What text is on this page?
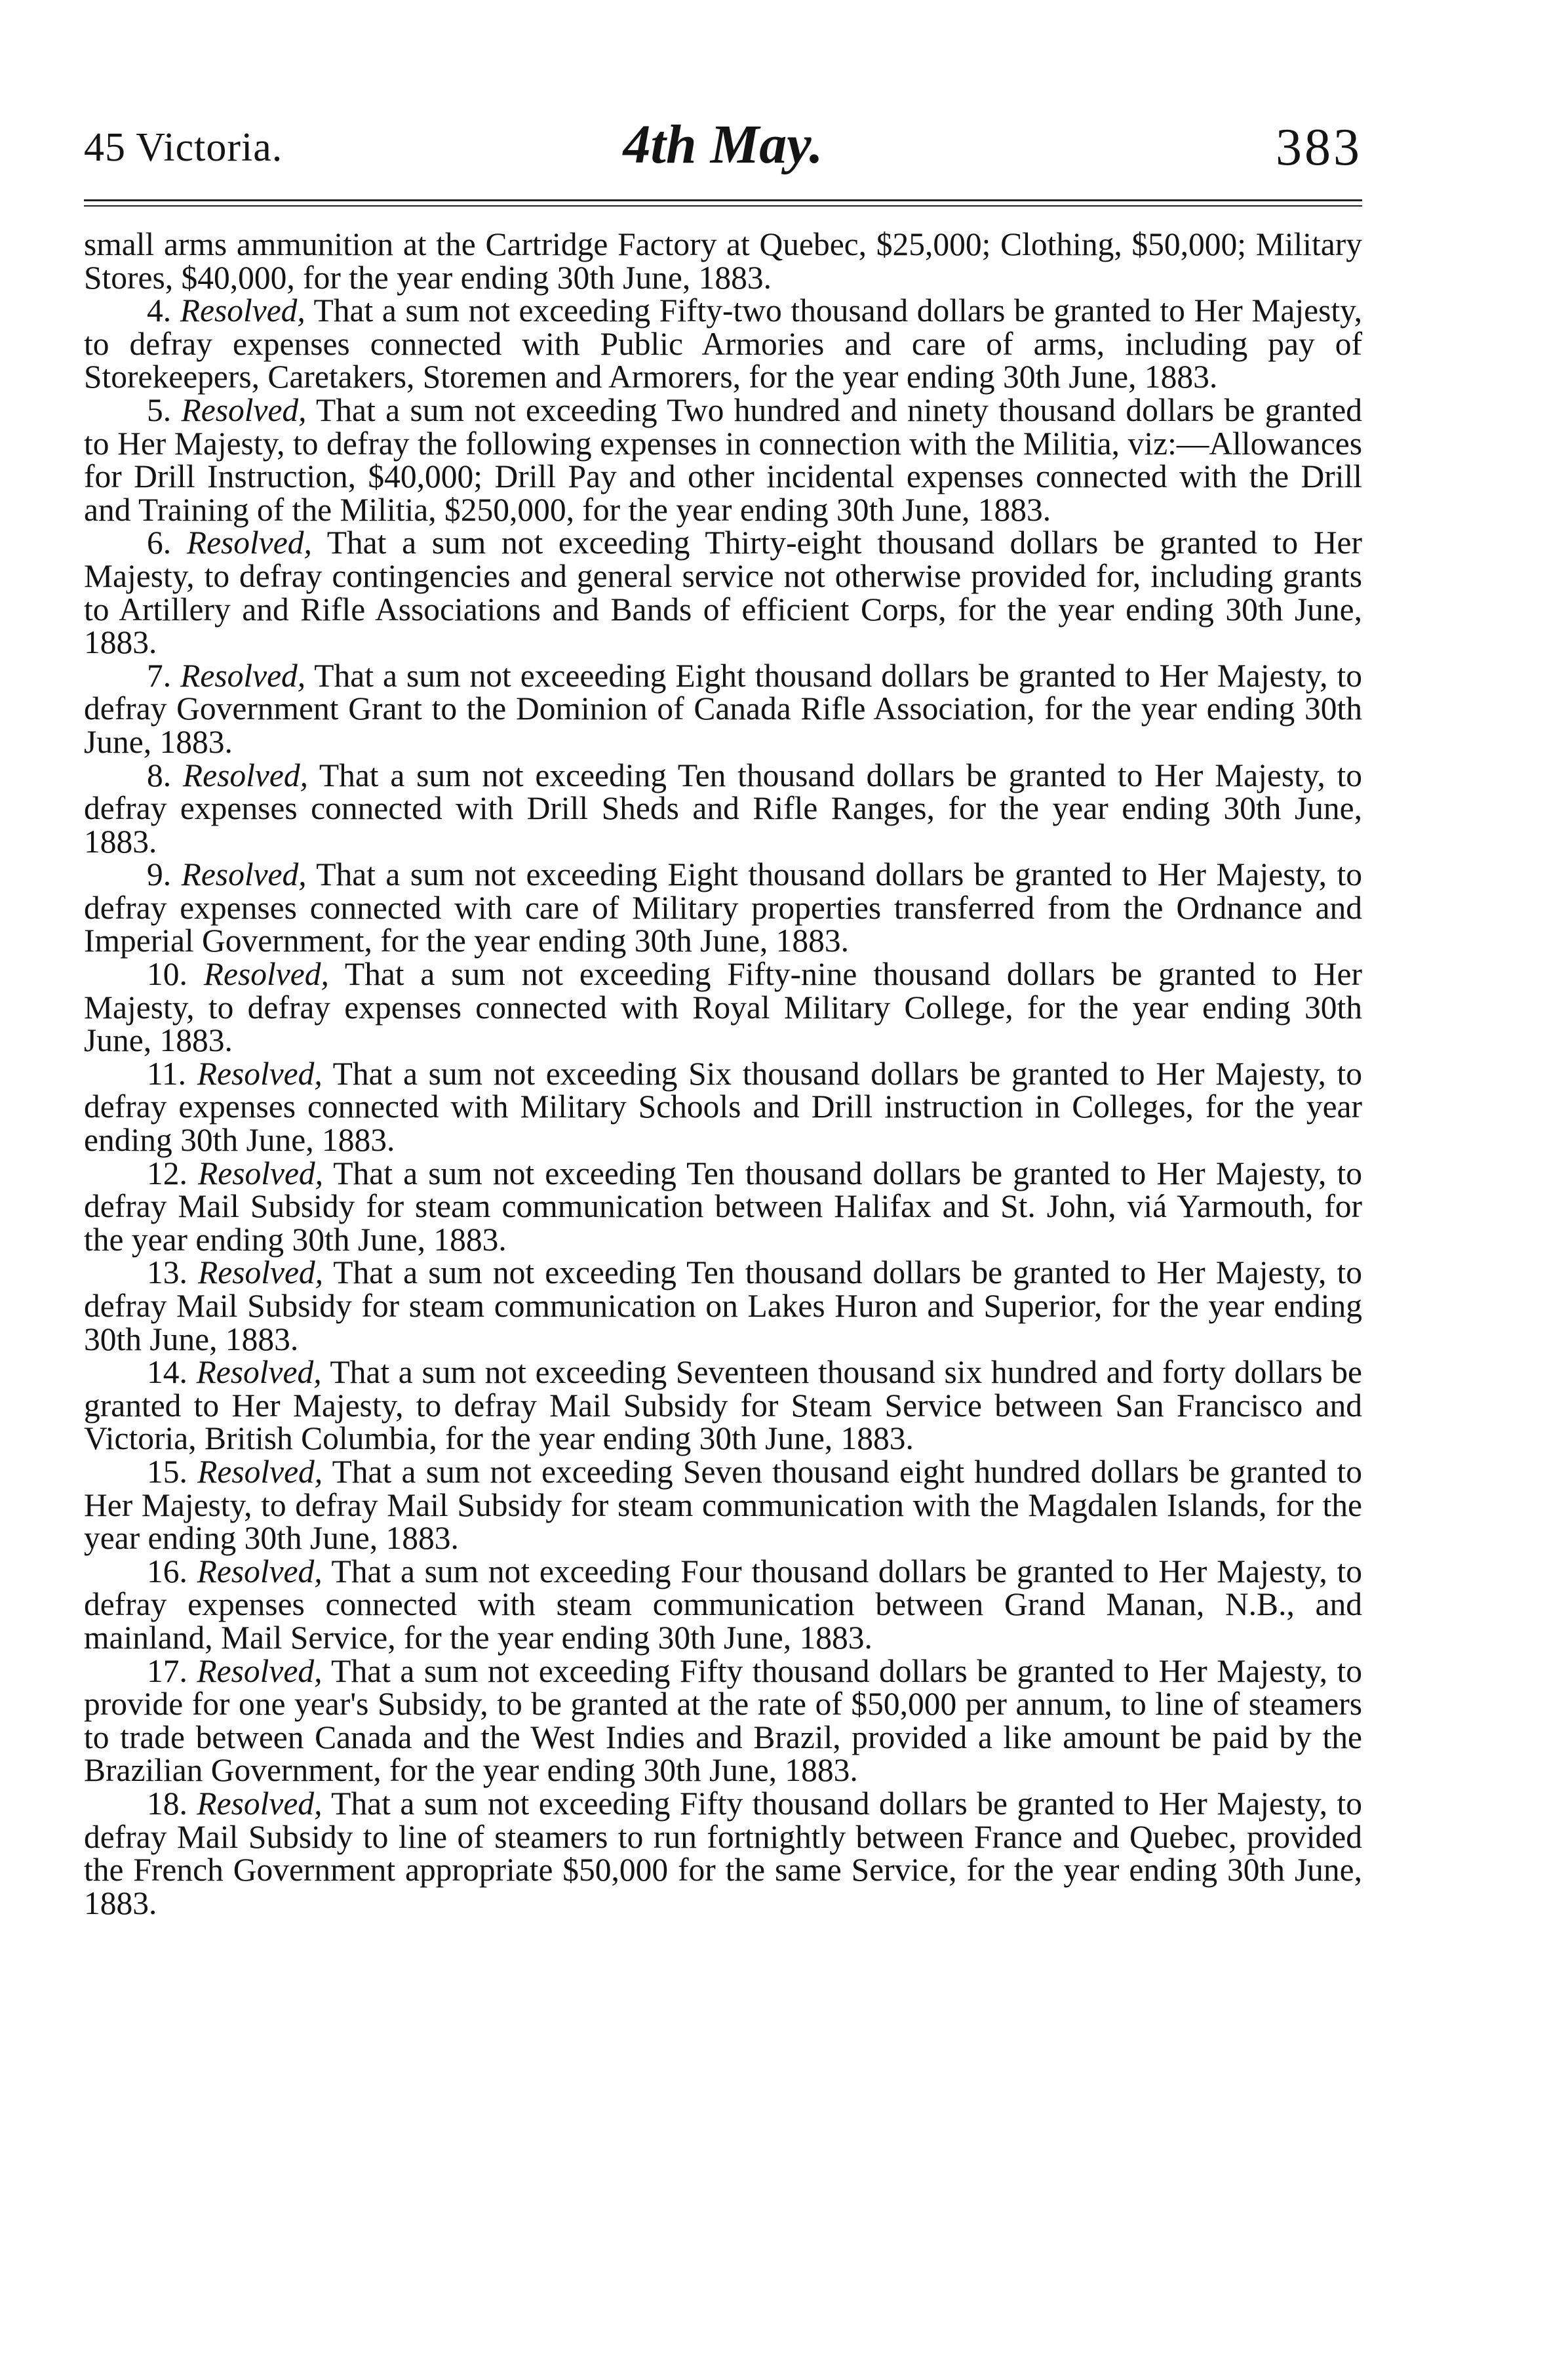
45 Victoria.	4th May.	383

small arms ammunition at the Cartridge Factory at Quebec, $25,000; Clothing, $50,000; Military Stores, $40,000, for the year ending 30th June, 1883.

4. Resolved, That a sum not exceeding Fifty-two thousand dollars be granted to Her Majesty, to defray expenses connected with Public Armories and care of arms, including pay of Storekeepers, Caretakers, Storemen and Armorers, for the year ending 30th June, 1883.

5. Resolved, That a sum not exceeding Two hundred and ninety thousand dollars be granted to Her Majesty, to defray the following expenses in connection with the Militia, viz:—Allowances for Drill Instruction, $40,000; Drill Pay and other incidental expenses connected with the Drill and Training of the Militia, $250,000, for the year ending 30th June, 1883.

6. Resolved, That a sum not exceeding Thirty-eight thousand dollars be granted to Her Majesty, to defray contingencies and general service not otherwise provided for, including grants to Artillery and Rifle Associations and Bands of efficient Corps, for the year ending 30th June, 1883.

7. Resolved, That a sum not exceeeding Eight thousand dollars be granted to Her Majesty, to defray Government Grant to the Dominion of Canada Rifle Association, for the year ending 30th June, 1883.

8. Resolved, That a sum not exceeding Ten thousand dollars be granted to Her Majesty, to defray expenses connected with Drill Sheds and Rifle Ranges, for the year ending 30th June, 1883.

9. Resolved, That a sum not exceeding Eight thousand dollars be granted to Her Majesty, to defray expenses connected with care of Military properties transferred from the Ordnance and Imperial Government, for the year ending 30th June, 1883.

10. Resolved, That a sum not exceeding Fifty-nine thousand dollars be granted to Her Majesty, to defray expenses connected with Royal Military College, for the year ending 30th June, 1883.

11. Resolved, That a sum not exceeding Six thousand dollars be granted to Her Majesty, to defray expenses connected with Military Schools and Drill instruction in Colleges, for the year ending 30th June, 1883.

12. Resolved, That a sum not exceeding Ten thousand dollars be granted to Her Majesty, to defray Mail Subsidy for steam communication between Halifax and St. John, viá Yarmouth, for the year ending 30th June, 1883.

13. Resolved, That a sum not exceeding Ten thousand dollars be granted to Her Majesty, to defray Mail Subsidy for steam communication on Lakes Huron and Superior, for the year ending 30th June, 1883.

14. Resolved, That a sum not exceeding Seventeen thousand six hundred and forty dollars be granted to Her Majesty, to defray Mail Subsidy for Steam Service between San Francisco and Victoria, British Columbia, for the year ending 30th June, 1883.

15. Resolved, That a sum not exceeding Seven thousand eight hundred dollars be granted to Her Majesty, to defray Mail Subsidy for steam communication with the Magdalen Islands, for the year ending 30th June, 1883.

16. Resolved, That a sum not exceeding Four thousand dollars be granted to Her Majesty, to defray expenses connected with steam communication between Grand Manan, N.B., and mainland, Mail Service, for the year ending 30th June, 1883.

17. Resolved, That a sum not exceeding Fifty thousand dollars be granted to Her Majesty, to provide for one year's Subsidy, to be granted at the rate of $50,000 per annum, to line of steamers to trade between Canada and the West Indies and Brazil, provided a like amount be paid by the Brazilian Government, for the year ending 30th June, 1883.

18. Resolved, That a sum not exceeding Fifty thousand dollars be granted to Her Majesty, to defray Mail Subsidy to line of steamers to run fortnightly between France and Quebec, provided the French Government appropriate $50,000 for the same Service, for the year ending 30th June, 1883.
